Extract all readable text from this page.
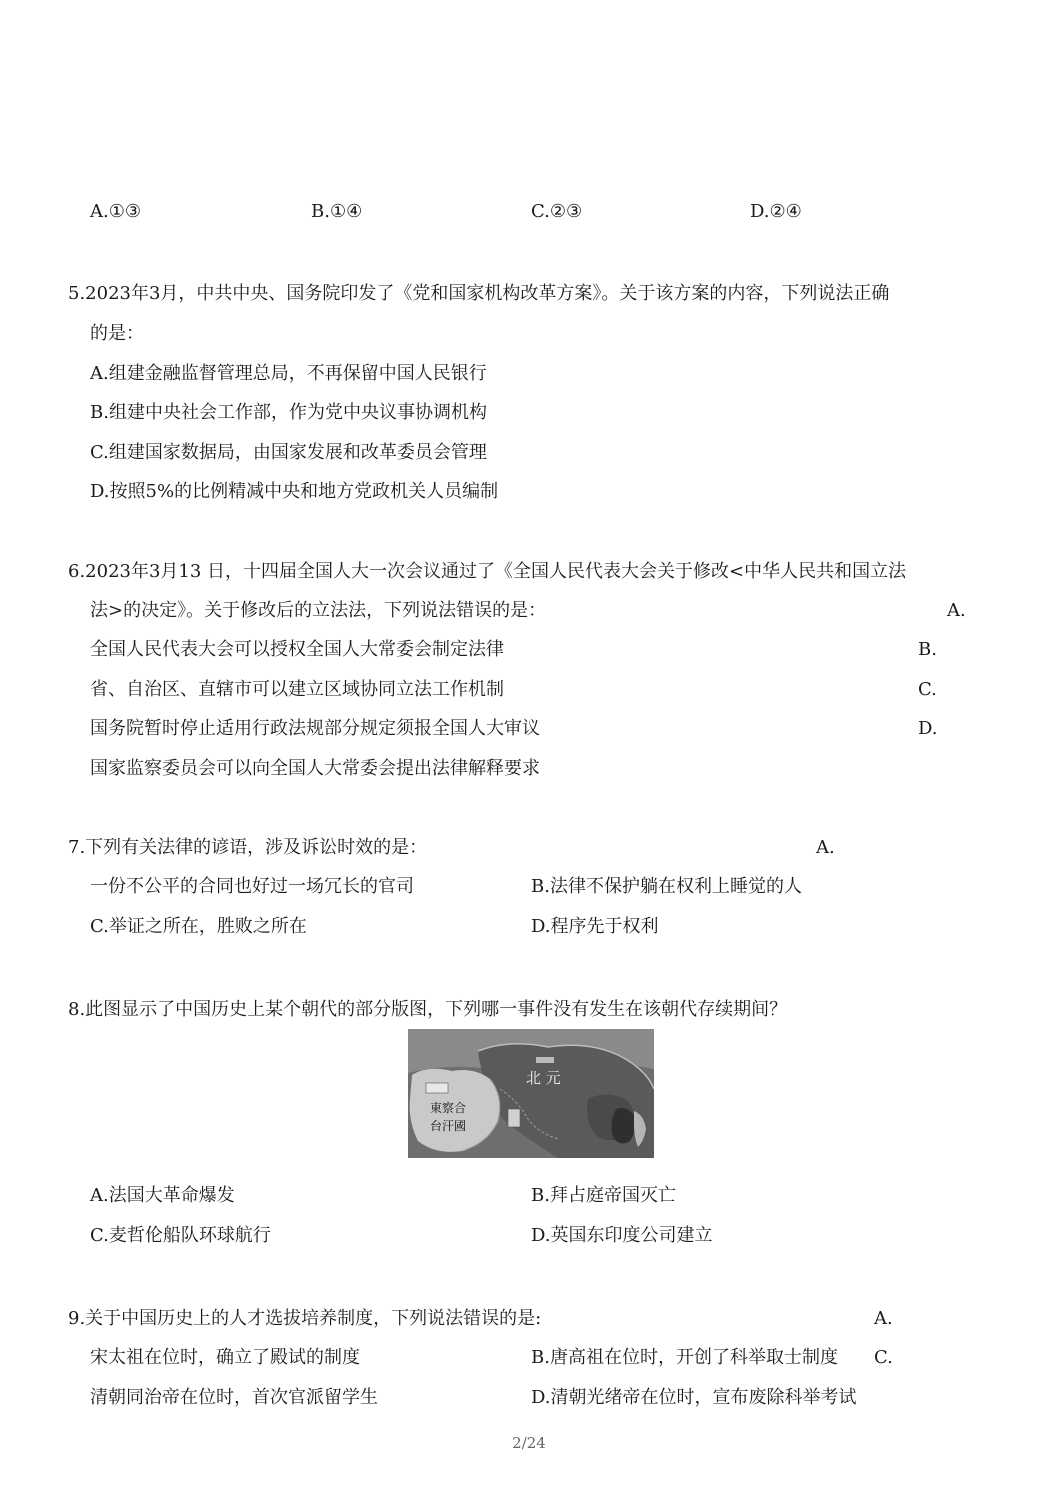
A.①③	B.①④	C.②③	D.②④
5.2023年3月，中共中央、国务院印发了《党和国家机构改革方案》。关于该方案的内容，下列说法正确
的是：
A.组建金融监督管理总局，不再保留中国人民银行
B.组建中央社会工作部，作为党中央议事协调机构
C.组建国家数据局，由国家发展和改革委员会管理
D.按照5%的比例精减中央和地方党政机关人员编制
6.2023年3月13 日，十四届全国人大一次会议通过了《全国人民代表大会关于修改<中华人民共和国立法
法>的决定》。关于修改后的立法法，下列说法错误的是：	A.
全国人民代表大会可以授权全国人大常委会制定法律	B.
省、自治区、直辖市可以建立区域协同立法工作机制	C.
国务院暂时停止适用行政法规部分规定须报全国人大审议	D.
国家监察委员会可以向全国人大常委会提出法律解释要求
7.下列有关法律的谚语，涉及诉讼时效的是：	A.
一份不公平的合同也好过一场冗长的官司	B.法律不保护躺在权利上睡觉的人
C.举证之所在，胜败之所在	D.程序先于权利
8.此图显示了中国历史上某个朝代的部分版图，下列哪一事件没有发生在该朝代存续期间？
北 元
東察合
台汗國
A.法国大革命爆发	B.拜占庭帝国灭亡
C.麦哲伦船队环球航行	D.英国东印度公司建立
9.关于中国历史上的人才选拔培养制度，下列说法错误的是:	A.
宋太祖在位时，确立了殿试的制度	B.唐高祖在位时，开创了科举取士制度 C.
清朝同治帝在位时，首次官派留学生	D.清朝光绪帝在位时，宣布废除科举考试
2/24
